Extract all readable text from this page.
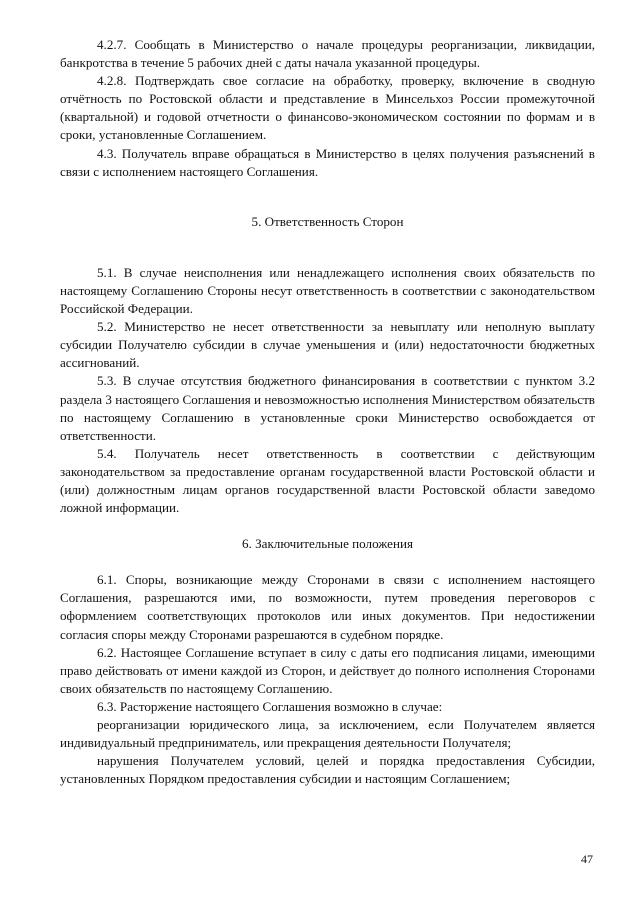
4.2.7. Сообщать в Министерство о начале процедуры реорганизации, ликвидации, банкротства в течение 5 рабочих дней с даты начала указанной процедуры.

4.2.8. Подтверждать свое согласие на обработку, проверку, включение в сводную отчётность по Ростовской области и представление в Минсельхоз России промежуточной (квартальной) и годовой отчетности о финансово-экономическом состоянии по формам и в сроки, установленные Соглашением.

4.3. Получатель вправе обращаться в Министерство в целях получения разъяснений в связи с исполнением настоящего Соглашения.

5. Ответственность Сторон

5.1. В случае неисполнения или ненадлежащего исполнения своих обязательств по настоящему Соглашению Стороны несут ответственность в соответствии с законодательством Российской Федерации.

5.2. Министерство не несет ответственности за невыплату или неполную выплату субсидии Получателю субсидии в случае уменьшения и (или) недостаточности бюджетных ассигнований.

5.3. В случае отсутствия бюджетного финансирования в соответствии с пунктом 3.2 раздела 3 настоящего Соглашения и невозможностью исполнения Министерством обязательств по настоящему Соглашению в установленные сроки Министерство освобождается от ответственности.

5.4. Получатель несет ответственность в соответствии с действующим законодательством за предоставление органам государственной власти Ростовской области и (или) должностным лицам органов государственной власти Ростовской области заведомо ложной информации.

6. Заключительные положения

6.1. Споры, возникающие между Сторонами в связи с исполнением настоящего Соглашения, разрешаются ими, по возможности, путем проведения переговоров с оформлением соответствующих протоколов или иных документов. При недостижении согласия споры между Сторонами разрешаются в судебном порядке.

6.2. Настоящее Соглашение вступает в силу с даты его подписания лицами, имеющими право действовать от имени каждой из Сторон, и действует до полного исполнения Сторонами своих обязательств по настоящему Соглашению.

6.3. Расторжение настоящего Соглашения возможно в случае:

реорганизации юридического лица, за исключением, если Получателем является индивидуальный предприниматель, или прекращения деятельности Получателя;

нарушения Получателем условий, целей и порядка предоставления Субсидии, установленных Порядком предоставления субсидии и настоящим Соглашением;

47
